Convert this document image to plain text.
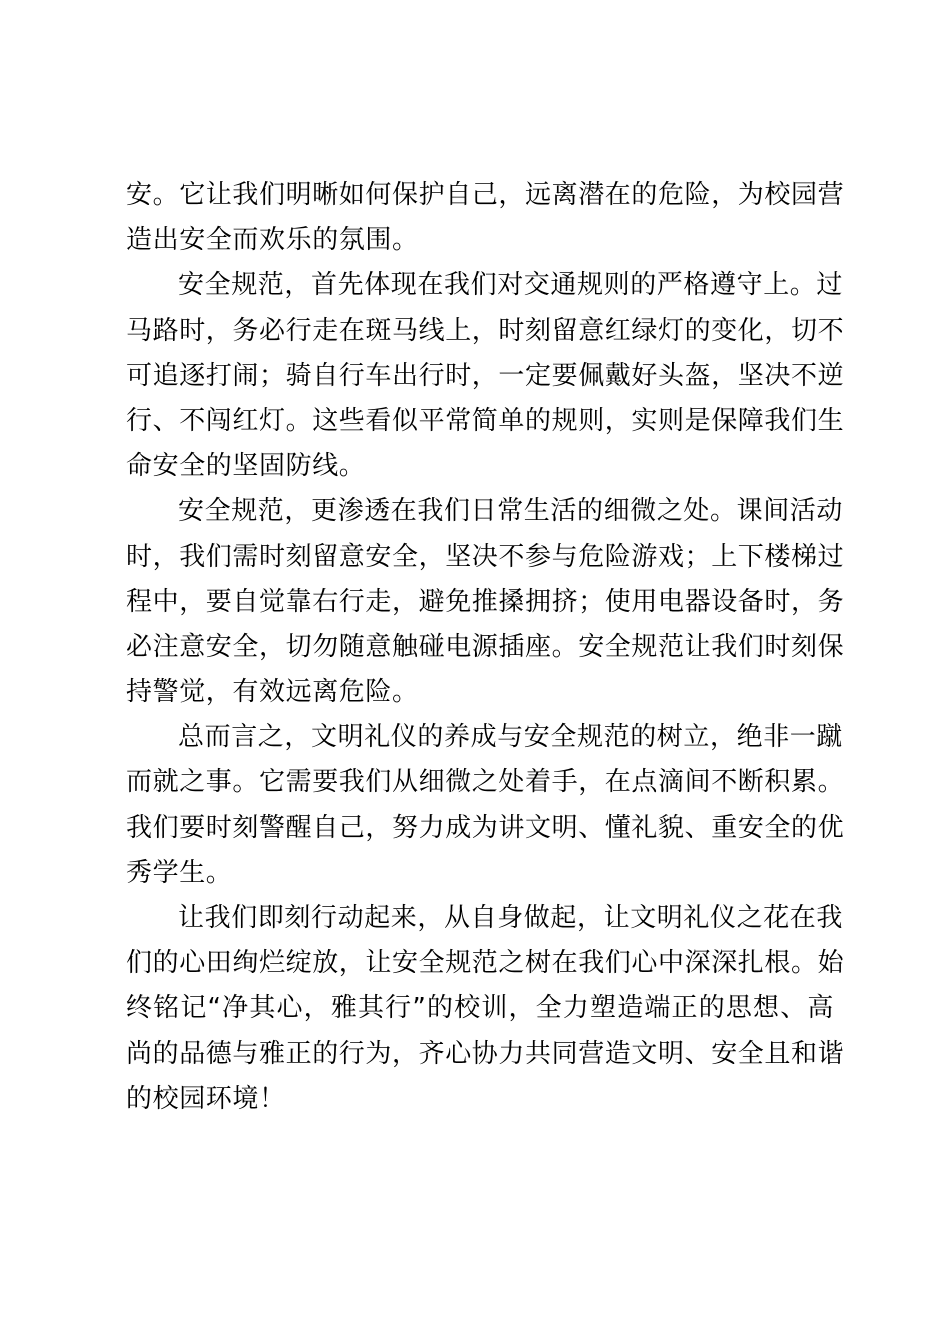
安。它让我们明晰如何保护自己，远离潜在的危险，为校园营
造出安全而欢乐的氛围。
安全规范，首先体现在我们对交通规则的严格遵守上。过
马路时，务必行走在斑马线上，时刻留意红绿灯的变化，切不
可追逐打闹；骑自行车出行时，一定要佩戴好头盔，坚决不逆
行、不闯红灯。这些看似平常简单的规则，实则是保障我们生
命安全的坚固防线。
安全规范，更渗透在我们日常生活的细微之处。课间活动
时，我们需时刻留意安全，坚决不参与危险游戏；上下楼梯过
程中，要自觉靠右行走，避免推搡拥挤；使用电器设备时，务
必注意安全，切勿随意触碰电源插座。安全规范让我们时刻保
持警觉，有效远离危险。
总而言之，文明礼仪的养成与安全规范的树立，绝非一蹴
而就之事。它需要我们从细微之处着手，在点滴间不断积累。
我们要时刻警醒自己，努力成为讲文明、懂礼貌、重安全的优
秀学生。
让我们即刻行动起来，从自身做起，让文明礼仪之花在我
们的心田绚烂绽放，让安全规范之树在我们心中深深扎根。始
终铭记“净其心，雅其行”的校训，全力塑造端正的思想、高
尚的品德与雅正的行为，齐心协力共同营造文明、安全且和谐
的校园环境！
